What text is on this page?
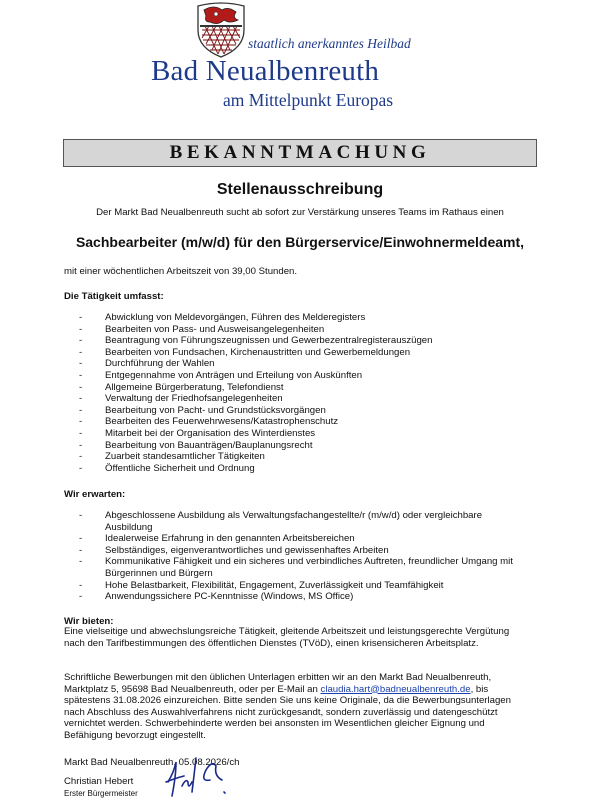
staatlich anerkanntes Heilbad
Bad Neualbenreuth
am Mittelpunkt Europas
BEKANNTMACHUNG
Stellenausschreibung
Der Markt Bad Neualbenreuth sucht ab sofort zur Verstärkung unseres Teams im Rathaus einen
Sachbearbeiter (m/w/d) für den Bürgerservice/Einwohnermeldeamt,
mit einer wöchentlichen Arbeitszeit von 39,00 Stunden.
Die Tätigkeit umfasst:
- Abwicklung von Meldevorgängen, Führen des Melderegisters
- Bearbeiten von Pass- und Ausweisangelegenheiten
- Beantragung von Führungszeugnissen und Gewerbezentralregisterauszügen
- Bearbeiten von Fundsachen, Kirchenaustritten und Gewerbemeldungen
- Durchführung der Wahlen
- Entgegennahme von Anträgen und Erteilung von Auskünften
- Allgemeine Bürgerberatung, Telefondienst
- Verwaltung der Friedhofsangelegenheiten
- Bearbeitung von Pacht- und Grundstücksvorgängen
- Bearbeiten des Feuerwehrwesens/Katastrophenschutz
- Mitarbeit bei der Organisation des Winterdienstes
- Bearbeitung von Bauanträgen/Bauplanungsrecht
- Zuarbeit standesamtlicher Tätigkeiten
- Öffentliche Sicherheit und Ordnung
Wir erwarten:
- Abgeschlossene Ausbildung als Verwaltungsfachangestellte/r (m/w/d) oder vergleichbare Ausbildung
- Idealerweise Erfahrung in den genannten Arbeitsbereichen
- Selbständiges, eigenverantwortliches und gewissenhaftes Arbeiten
- Kommunikative Fähigkeit und ein sicheres und verbindliches Auftreten, freundlicher Umgang mit Bürgerinnen und Bürgern
- Hohe Belastbarkeit, Flexibilität, Engagement, Zuverlässigkeit und Teamfähigkeit
- Anwendungssichere PC-Kenntnisse (Windows, MS Office)
Wir bieten:

Eine vielseitige und abwechslungsreiche Tätigkeit, gleitende Arbeitszeit und leistungsgerechte Vergütung nach den Tarifbestimmungen des öffentlichen Dienstes (TVöD), einen krisensicheren Arbeitsplatz.

Schriftliche Bewerbungen mit den üblichen Unterlagen erbitten wir an den Markt Bad Neualbenreuth, Marktplatz 5, 95698 Bad Neualbenreuth, oder per E-Mail an claudia.hart@badneualbenreuth.de, bis spätestens 31.08.2026 einzureichen. Bitte senden Sie uns keine Originale, da die Bewerbungsunterlagen nach Abschluss des Auswahlverfahrens nicht zurückgesandt, sondern zuverlässig und datengeschützt vernichtet werden. Schwerbehinderte werden bei ansonsten im Wesentlichen gleicher Eignung und Befähigung bevorzugt eingestellt.

Markt Bad Neualbenreuth, 05.08.2026/ch
Christian Hebert
Erster Bürgermeister
